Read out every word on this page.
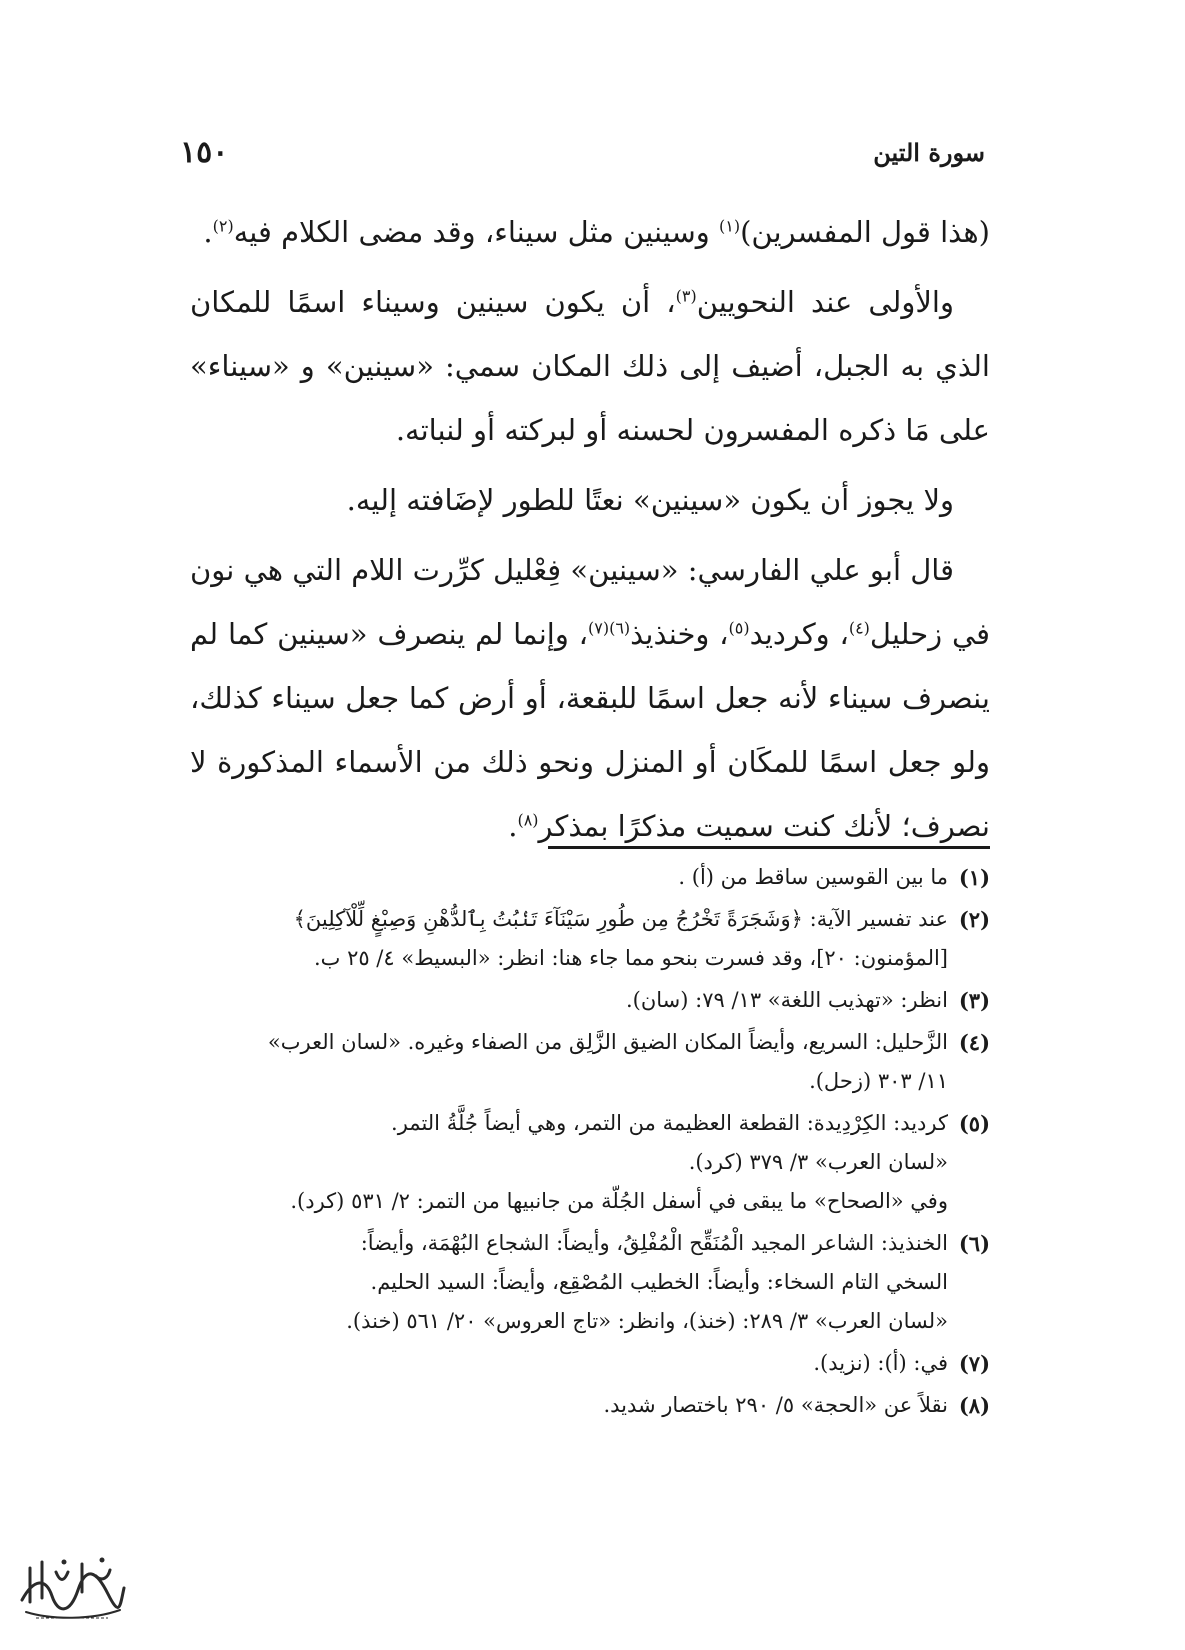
سورة التين
١٥٠

(هذا قول المفسرين)$^{(١)}$ وسينين مثل سيناء، وقد مضى الكلام فيه$^{(٢)}$.

والأولى عند النحويين$^{(٣)}$، أن يكون سينين وسيناء اسمًا للمكان الذي به الجبل، أضيف إلى ذلك المكان سمي: «سينين» و «سيناء» على مَا ذكره المفسرون لحسنه أو لبركته أو لنباته.

ولا يجوز أن يكون «سينين» نعتًا للطور لإضَافته إليه.

قال أبو علي الفارسي: «سينين» فِعْليل كرِّرت اللام التي هي نون في زحليل$^{(٤)}$، وكرديد$^{(٥)}$، وخنذيذ$^{(٦)(٧)}$، وإنما لم ينصرف «سينين كما لم ينصرف سيناء لأنه جعل اسمًا للبقعة، أو أرض كما جعل سيناء كذلك، ولو جعل اسمًا للمكَان أو المنزل ونحو ذلك من الأسماء المذكورة لا نصرف؛ لأنك كنت سميت مذكرًا بمذكر$^{(٨)}$.

(١)
ما بين القوسين ساقط من (أ) .
(٢)
عند تفسير الآية: ﴿وَشَجَرَةً تَخْرُجُ مِن طُورِ سَيْنَآءَ تَنۢبُتُ بِٱلدُّهْنِ وَصِبْغٍ لِّلْآكِلِينَ﴾
[المؤمنون: ٢٠]، وقد فسرت بنحو مما جاء هنا: انظر: «البسيط» ٤/ ٢٥ ب.
(٣)
انظر: «تهذيب اللغة» ١٣/ ٧٩: (سان).
(٤)
الزَّحليل: السريع، وأيضاً المكان الضيق الزَّلِق من الصفاء وغيره. «لسان العرب»
١١/ ٣٠٣ (زحل).
(٥)
كرديد: الكِرْدِيدة: القطعة العظيمة من التمر، وهي أيضاً جُلَّةُ التمر.
«لسان العرب» ٣/ ٣٧٩ (كرد).
وفي «الصحاح» ما يبقى في أسفل الجُلّة من جانبيها من التمر: ٢/ ٥٣١ (كرد).
(٦)
الخنذيذ: الشاعر المجيد الْمُنَقِّح الْمُفْلِقُ، وأيضاً: الشجاع البُهْمَة، وأيضاً:
السخي التام السخاء: وأيضاً: الخطيب المُصْقِع، وأيضاً: السيد الحليم.
«لسان العرب» ٣/ ٢٨٩: (خنذ)، وانظر: «تاج العروس» ٢٠/ ٥٦١ (خنذ).
(٧)
في: (أ): (نزيد).
(٨)
نقلاً عن «الحجة» ٥/ ٢٩٠ باختصار شديد.
